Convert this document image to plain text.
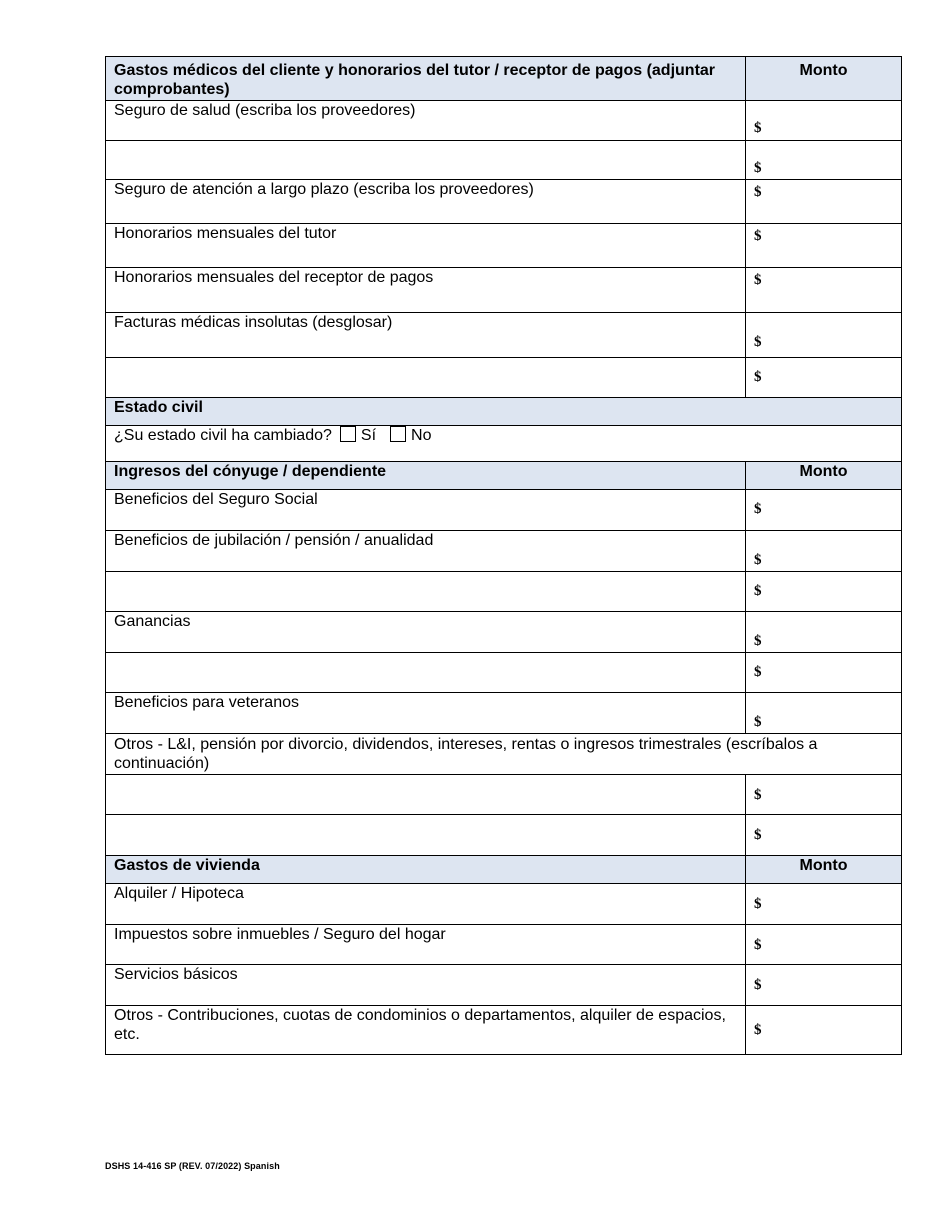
Gastos médicos del cliente y honorarios del tutor / receptor de pagos (adjuntar comprobantes)	Monto
Seguro de salud (escriba los proveedores)	$

	$

Seguro de atención a largo plazo (escriba los proveedores)	$

Honorarios mensuales del tutor	$

Honorarios mensuales del receptor de pagos	$

Facturas médicas insolutas (desglosar)	$

	$

Estado civil	
¿Su estado civil ha cambiado? Sí No	
Ingresos del cónyuge / dependiente	Monto
Beneficios del Seguro Social	$

Beneficios de jubilación / pensión / anualidad	$

	$

Ganancias	$

	$

Beneficios para veteranos	$

Otros - L&I, pensión por divorcio, dividendos, intereses, rentas o ingresos trimestrales (escríbalos a continuación)	

	$

	$

Gastos de vivienda	Monto
Alquiler / Hipoteca	$

Impuestos sobre inmuebles / Seguro del hogar	$

Servicios básicos	$

Otros - Contribuciones, cuotas de condominios o departamentos, alquiler de espacios, etc.	$
DSHS 14-416 SP (REV. 07/2022) Spanish
